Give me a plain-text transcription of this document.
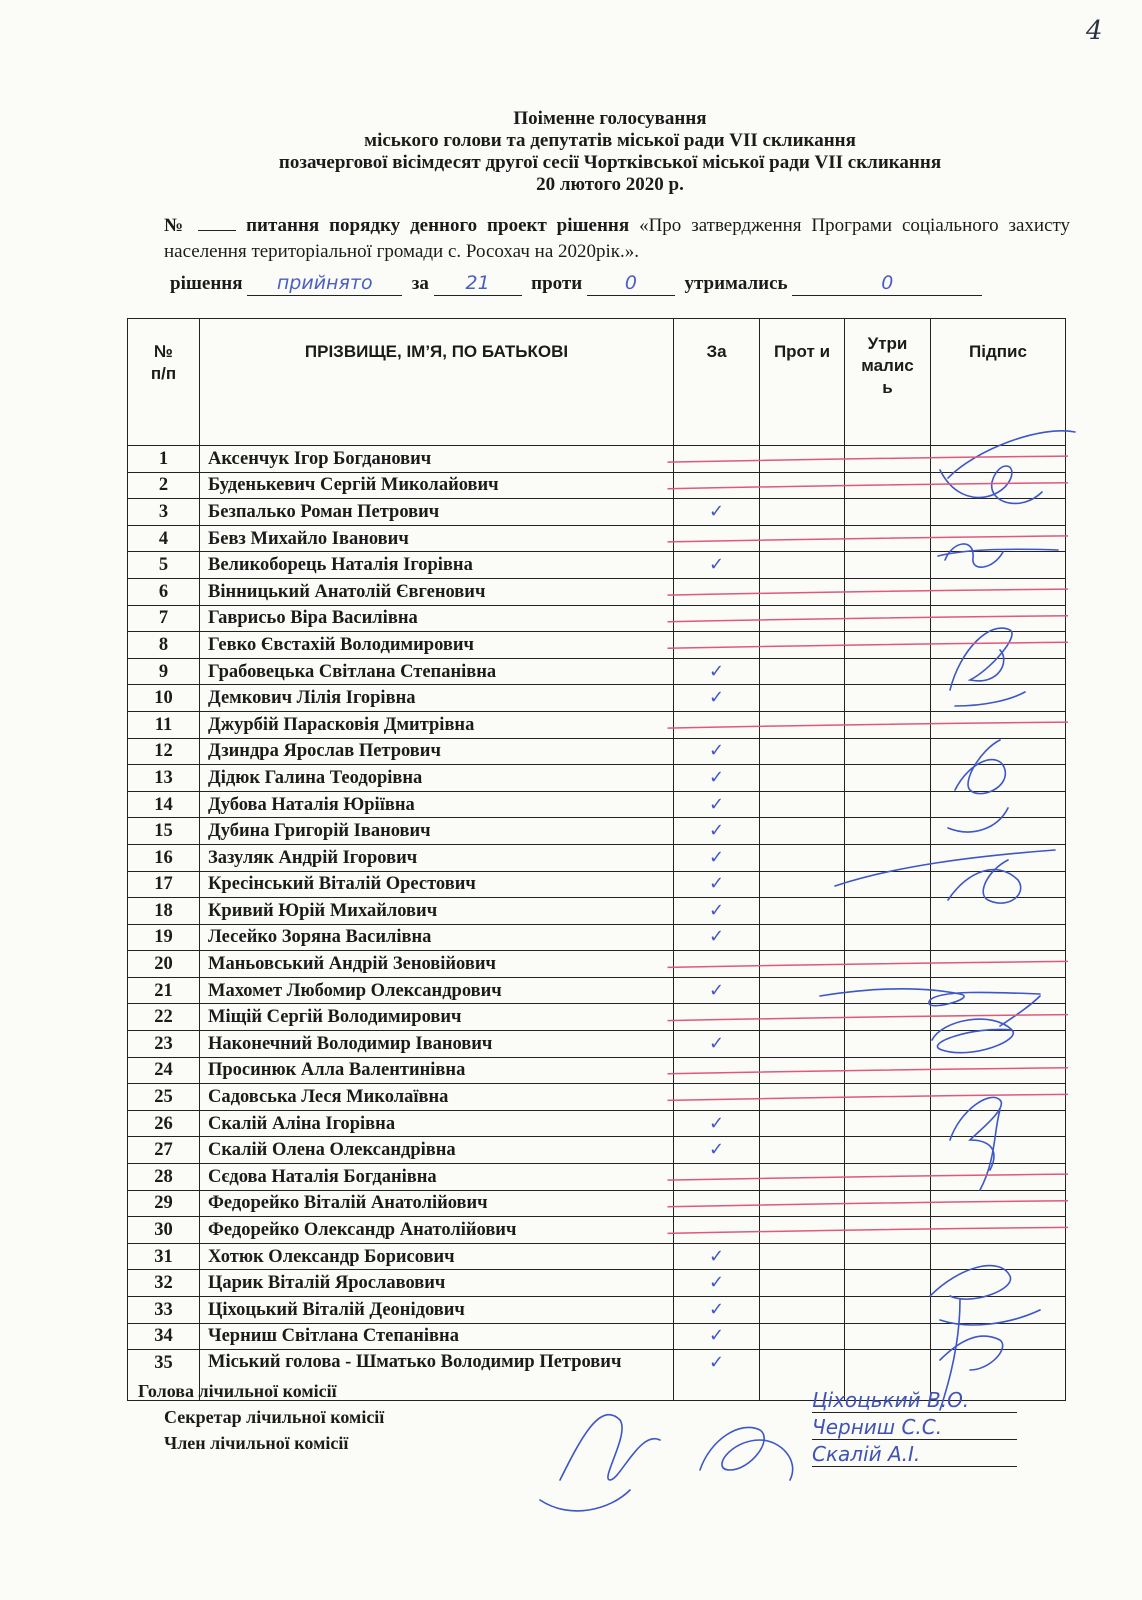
4
Поіменне голосування
міського голови та депутатів міської ради VІІ скликання
позачергової вісімдесят другої сесії Чортківської міської ради VІІ скликання
20 лютого 2020 р.
№	питання порядку денного проект рішення «Про затвердження Програми соціального захисту населення територіальної громади с. Росохач на 2020рік.».
рішення прийнято за 21 проти 0 утримались	0
№ п/п	ПРІЗВИЩЕ, ІМ’Я, ПО БАТЬКОВІ	За	Прот и	Утри малис ь	Підпис
1	Аксенчук Ігор Богданович				
2	Буденькевич Сергій Миколайович				
3	Безпалько Роман Петрович	✓			
4	Бевз Михайло Іванович				
5	Великоборець Наталія Ігорівна	✓			
6	Вінницький Анатолій Євгенович				
7	Гаврисьо Віра Василівна				
8	Гевко Євстахій Володимирович				
9	Грабовецька Світлана Степанівна	✓			
10	Демкович Лілія Ігорівна	✓			
11	Джурбій Парасковія Дмитрівна				
12	Дзиндра Ярослав Петрович	✓			
13	Дідюк Галина Теодорівна	✓			
14	Дубова Наталія Юріївна	✓			
15	Дубина Григорій Іванович	✓			
16	Зазуляк Андрій Ігорович	✓			
17	Кресінський Віталій Орестович	✓			
18	Кривий Юрій Михайлович	✓			
19	Лесейко Зоряна Василівна	✓			
20	Маньовський Андрій Зеновійович				
21	Махомет Любомир Олександрович	✓			
22	Міщій Сергій Володимирович				
23	Наконечний Володимир Іванович	✓			
24	Просинюк Алла Валентинівна				
25	Садовська Леся Миколаївна				
26	Скалій Аліна Ігорівна	✓			
27	Скалій Олена Олександрівна	✓			
28	Сєдова Наталія Богданівна				
29	Федорейко Віталій Анатолійович				
30	Федорейко Олександр Анатолійович				
31	Хотюк Олександр Борисович	✓			
32	Царик Віталій Ярославович	✓			
33	Ціхоцький Віталій Деонідович	✓			
34	Черниш Світлана Степанівна	✓			
35	Міський голова - Шматько Володимир Петрович	✓			
Голова лічильної комісії
Секретар лічильної комісії
Член лічильної комісії
Ціхоцький В.О.
Черниш С.С.
Скалій А.І.
